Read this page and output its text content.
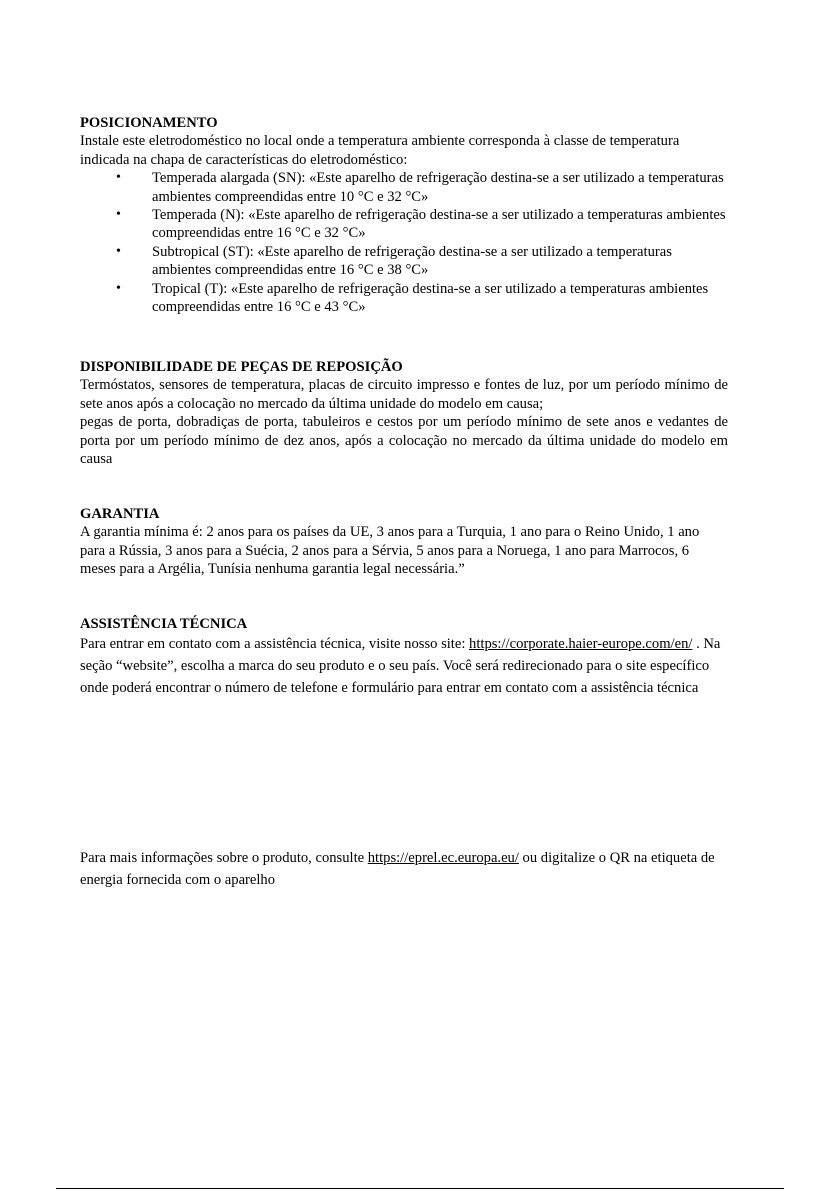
POSICIONAMENTO

Instale este eletrodoméstico no local onde a temperatura ambiente corresponda à classe de temperatura indicada na chapa de características do eletrodoméstico:

• Temperada alargada (SN): «Este aparelho de refrigeração destina-se a ser utilizado a temperaturas ambientes compreendidas entre 10 °C e 32 °C»
• Temperada (N): «Este aparelho de refrigeração destina-se a ser utilizado a temperaturas ambientes compreendidas entre 16 °C e 32 °C»
• Subtropical (ST): «Este aparelho de refrigeração destina-se a ser utilizado a temperaturas ambientes compreendidas entre 16 °C e 38 °C»
• Tropical (T): «Este aparelho de refrigeração destina-se a ser utilizado a temperaturas ambientes compreendidas entre 16 °C e 43 °C»
DISPONIBILIDADE DE PEÇAS DE REPOSIÇÃO

Termóstatos, sensores de temperatura, placas de circuito impresso e fontes de luz, por um período mínimo de sete anos após a colocação no mercado da última unidade do modelo em causa;

pegas de porta, dobradiças de porta, tabuleiros e cestos por um período mínimo de sete anos e vedantes de porta por um período mínimo de dez anos, após a colocação no mercado da última unidade do modelo em causa

GARANTIA

A garantia mínima é: 2 anos para os países da UE, 3 anos para a Turquia, 1 ano para o Reino Unido, 1 ano para a Rússia, 3 anos para a Suécia, 2 anos para a Sérvia, 5 anos para a Noruega, 1 ano para Marrocos, 6 meses para a Argélia, Tunísia nenhuma garantia legal necessária.”

ASSISTÊNCIA TÉCNICA

Para entrar em contato com a assistência técnica, visite nosso site: https://corporate.haier-europe.com/en/ . Na seção “website”, escolha a marca do seu produto e o seu país. Você será redirecionado para o site específico onde poderá encontrar o número de telefone e formulário para entrar em contato com a assistência técnica

Para mais informações sobre o produto, consulte https://eprel.ec.europa.eu/ ou digitalize o QR na etiqueta de energia fornecida com o aparelho
